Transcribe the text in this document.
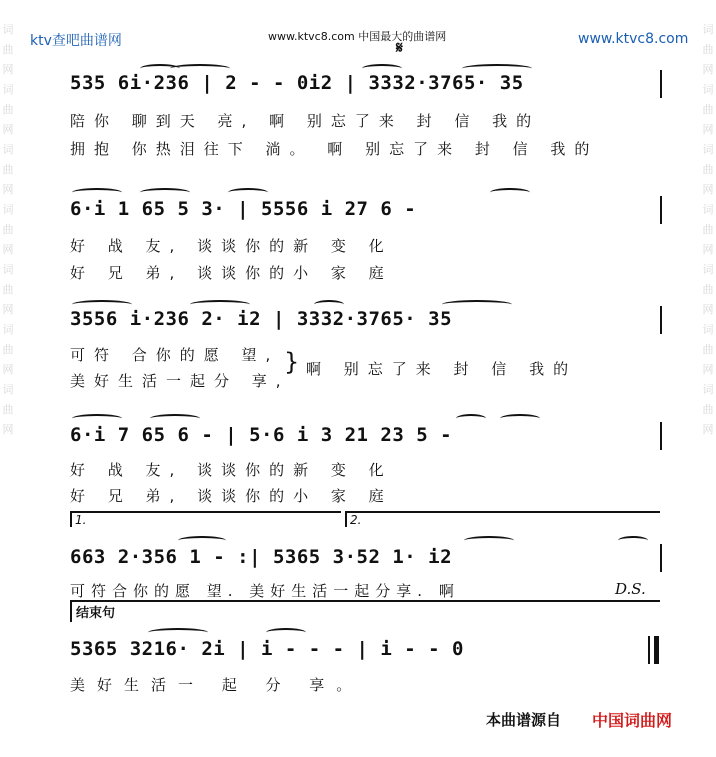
ktv查吧曲谱网	www.ktvc8.com 中国最大的曲谱网	www.ktvc8.com
𝄋
词曲网词曲网词曲网词曲网词曲网词曲网词曲网
词曲网词曲网词曲网词曲网词曲网词曲网词曲网
535 6i·236 | 2 - - 0i2 | 3332·3765· 35
陪你 聊到天 亮, 啊 别忘了来 封 信 我的
拥抱 你热泪往下 淌。 啊 别忘了来 封 信 我的
6·i 1 65 5 3· | 5556 i 27 6 -
好 战 友, 谈谈你的新 变 化
好 兄 弟, 谈谈你的小 家 庭
3556 i·236 2· i2 | 3332·3765· 35
可符 合你的愿 望,
美好生活一起分 享,
} 啊 别忘了来 封 信 我的
6·i 7 65 6 - | 5·6 i 3 21 23 5 -
好 战 友, 谈谈你的新 变 化
好 兄 弟, 谈谈你的小 家 庭
1.	2.
663 2·356 1 - :| 5365 3·52 1· i2
可符合你的愿 望. 美好生活一起分享. 啊	D.S.
结束句
5365 3216· 2i | i - - - | i - - 0
美好生活一 起 分 享。
本曲谱源自 中国词曲网
